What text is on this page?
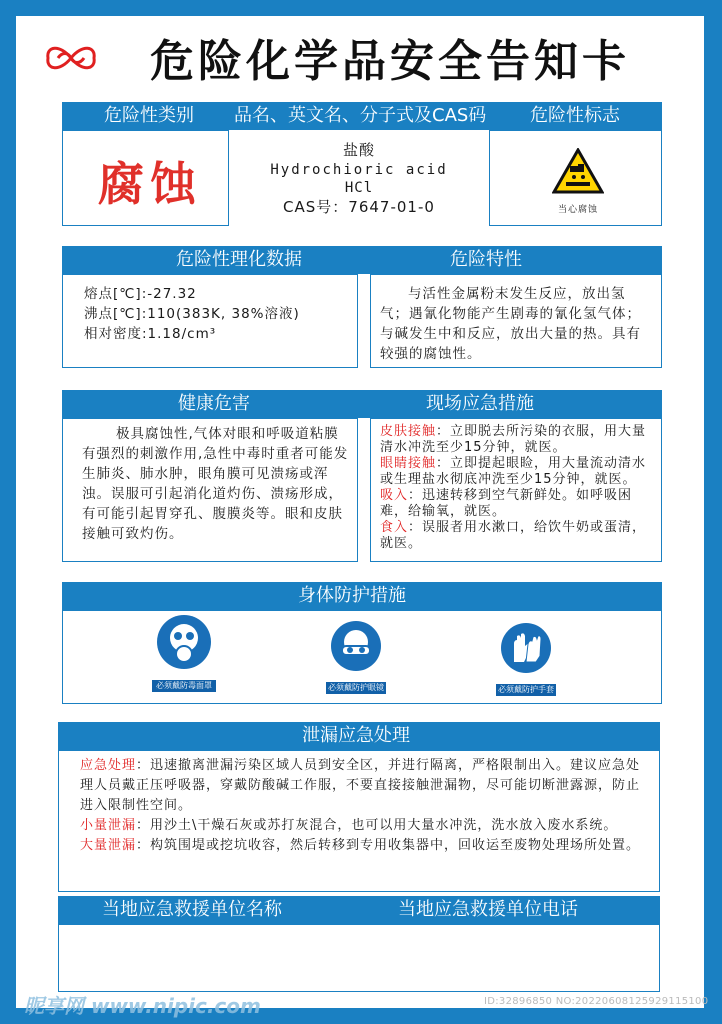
危险化学品安全告知卡
危险性类别 品名、英文名、分子式及CAS码 危险性标志
腐蚀
盐酸
Hydrochioric acid
HCl
CAS号：7647-01-0	当心腐蚀
危险性理化数据	危险特性
熔点[℃]:-27.32
沸点[℃]:110(383K, 38%溶液)
相对密度:1.18/cm³
与活性金属粉末发生反应，放出氢气；遇氰化物能产生剧毒的氰化氢气体；与碱发生中和反应，放出大量的热。具有较强的腐蚀性。
健康危害	现场应急措施
极具腐蚀性,气体对眼和呼吸道粘膜有强烈的刺激作用,急性中毒时重者可能发生肺炎、肺水肿，眼角膜可见溃疡或浑浊。误服可引起消化道灼伤、溃疡形成，有可能引起胃穿孔、腹膜炎等。眼和皮肤接触可致灼伤。
皮肤接触：立即脱去所污染的衣服，用大量清水冲洗至少15分钟，就医。
眼睛接触：立即提起眼睑，用大量流动清水或生理盐水彻底冲洗至少15分钟，就医。
吸入：迅速转移到空气新鲜处。如呼吸困难，给输氧，就医。
食入：误服者用水漱口，给饮牛奶或蛋清，就医。
身体防护措施
必须戴防毒面罩	必须戴防护眼镜	必须戴防护手套
泄漏应急处理
应急处理：迅速撤离泄漏污染区域人员到安全区，并进行隔离，严格限制出入。建议应急处理人员戴正压呼吸器，穿戴防酸碱工作服，不要直接接触泄漏物，尽可能切断泄露源，防止进入限制性空间。
小量泄漏：用沙土\干燥石灰或苏打灰混合，也可以用大量水冲洗，洗水放入废水系统。
大量泄漏：构筑围堤或挖坑收容，然后转移到专用收集器中，回收运至废物处理场所处置。
当地应急救援单位名称	当地应急救援单位电话
昵享网 www.nipic.com	ID:32896850 NO:20220608125929115100
